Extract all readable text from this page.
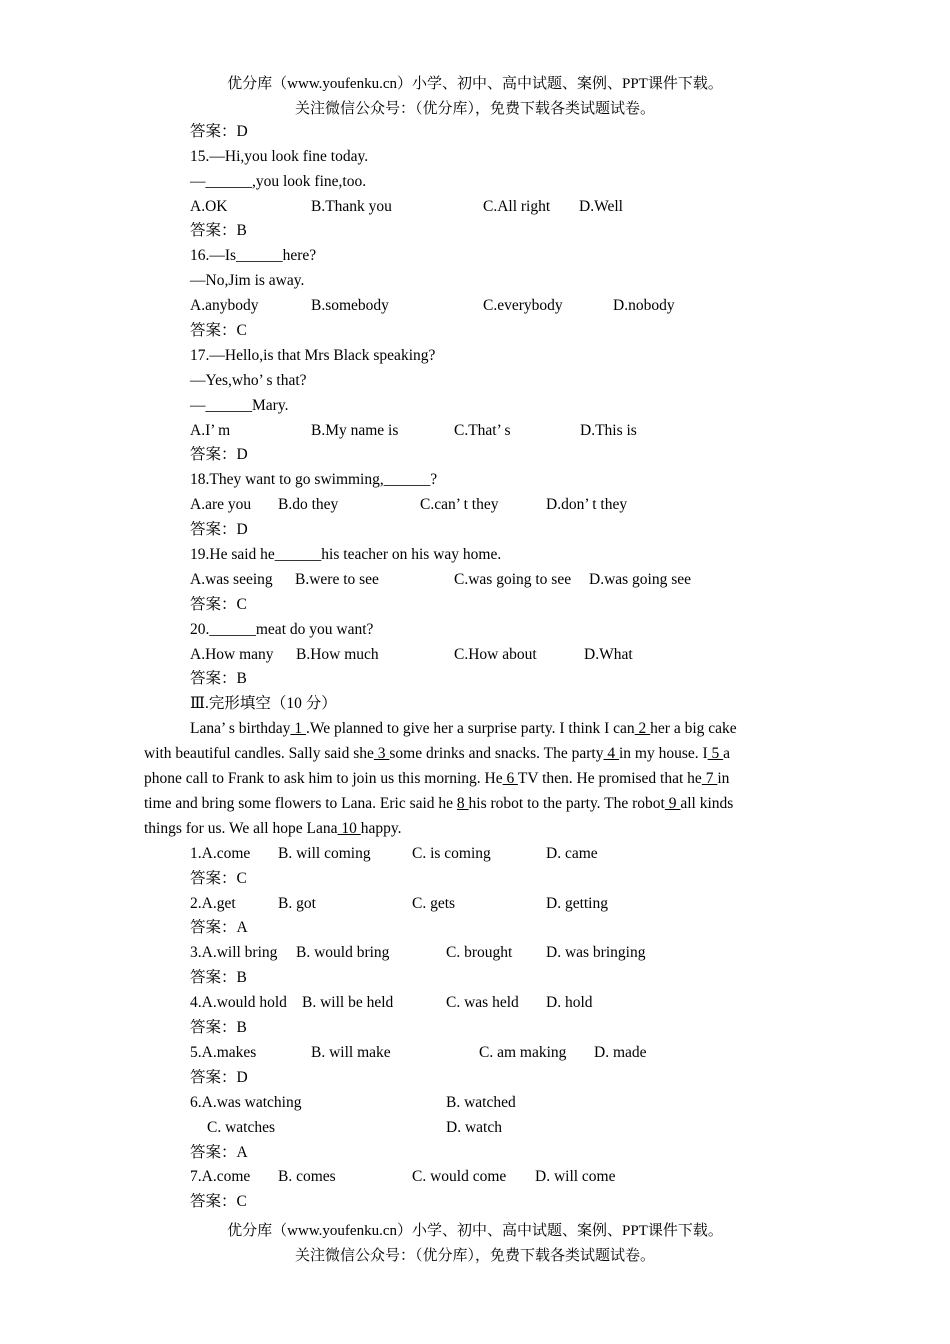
优分库（www.youfenku.cn）小学、初中、高中试题、案例、PPT课件下载。
关注微信公众号：（优分库），免费下载各类试题试卷。
答案：D
15.—Hi,you look fine today.
—______,you look fine,too.
A.OK	B.Thank you	C.All right D.Well
答案：B
16.—Is______here?
—No,Jim is away.
A.anybody	B.somebody	C.everybody	D.nobody
答案：C
17.—Hello,is that Mrs Black speaking?
—Yes,who’ s that?
—______Mary.
A.I’ m	B.My name is	C.That’ s	D.This is
答案：D
18.They want to go swimming,______?
A.are you B.do they	C.can’ t they	D.don’ t they
答案：D
19.He said he______his teacher on his way home.
A.was seeing B.were to see	C.was going to see D.was going see
答案：C
20.______meat do you want?
A.How many B.How much	C.How about	D.What
答案：B
Ⅲ.完形填空（10 分）
Lana’ s birthday 1 .We planned to give her a surprise party. I think I can 2 her a big cake
with beautiful candles. Sally said she 3 some drinks and snacks. The party 4 in my house. I 5 a
phone call to Frank to ask him to join us this morning. He 6 TV then. He promised that he 7 in
time and bring some flowers to Lana. Eric said he 8 his robot to the party. The robot 9 all kinds
things for us. We all hope Lana 10 happy.
1.A.come B. will coming	C. is coming	D. came
答案：C
2.A.get	B. got	C. gets	D. getting
答案：A
3.A.will bring B. would bring	C. brought D. was bringing
答案：B
4.A.would hold B. will be held	C. was held D. hold
答案：B
5.A.makes	B. will make	C. am making D. made
答案：D
6.A.was watching	B. watched
C. watches	D. watch
答案：A
7.A.come B. comes	C. would come D. will come
答案：C
优分库（www.youfenku.cn）小学、初中、高中试题、案例、PPT课件下载。
关注微信公众号：（优分库），免费下载各类试题试卷。
